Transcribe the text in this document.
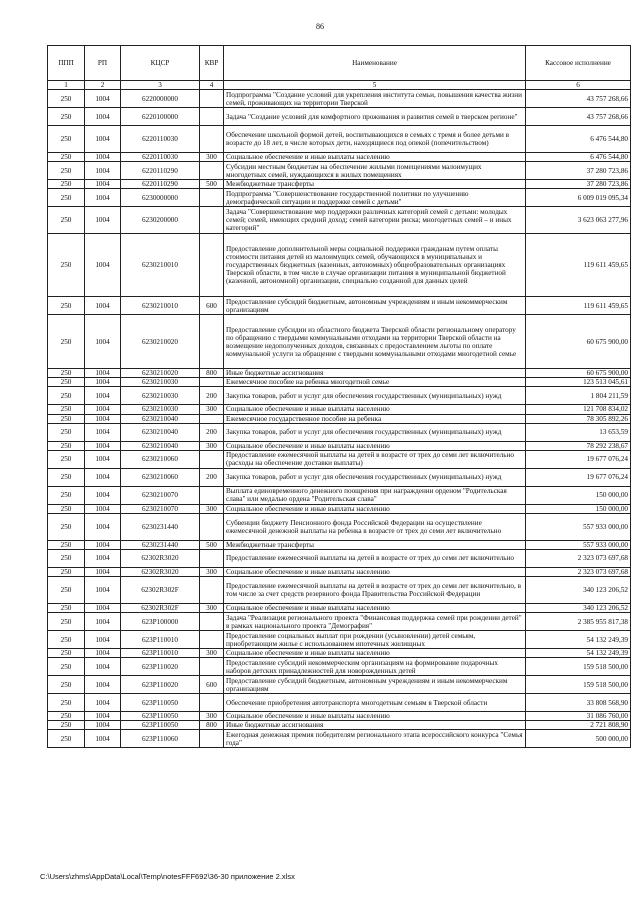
86
ППП	РП	КЦСР	КВР	Наименование	Кассовое исполнение
1	2	3	4	5	6
250	1004	6220000000		Подпрограмма "Создание условий для укрепления института семьи, повышения качества жизни семей, проживающих на территории Тверской	43 757 268,66
250	1004	6220100000		Задача "Создание условий для комфортного проживания и развития семей в тверском регионе"	43 757 268,66
250	1004	6220110030		Обеспечение школьной формой детей, воспитывающихся в семьях с тремя и более детьми в возрасте до 18 лет, в числе которых дети, находящиеся под опекой (попечительством)	6 476 544,80
250	1004	6220110030	300	Социальное обеспечение и иные выплаты населению	6 476 544,80
250	1004	6220110290		Субсидии местным бюджетам на обеспечение жилыми помещениями малоимущих многодетных семей, нуждающихся в жилых помещениях	37 280 723,86
250	1004	6220110290	500	Межбюджетные трансферты	37 280 723,86
250	1004	6230000000		Подпрограмма "Совершенствование государственной политики по улучшению демографической ситуации и поддержке семей с детьми"	6 009 019 095,34
250	1004	6230200000		Задача "Совершенствование мер поддержки различных категорий семей с детьми: молодых семей; семей, имеющих средний доход; семей категории риска; многодетных семей – и иных категорий"	3 623 063 277,96
250	1004	6230210010		Предоставление дополнительной меры социальной поддержки гражданам путем оплаты стоимости питания детей из малоимущих семей, обучающихся в муниципальных и государственных бюджетных (казенных, автономных) общеобразовательных организациях Тверской области, в том числе в случае организации питания в муниципальной бюджетной (казенной, автономной) организации, специально созданной для данных целей	119 611 459,65
250	1004	6230210010	600	Предоставление субсидий бюджетным, автономным учреждениям и иным некоммерческим организациям	119 611 459,65
250	1004	6230210020		Предоставление субсидии из областного бюджета Тверской области региональному оператору по обращению с твердыми коммунальными отходами на территории Тверской области на возмещение недополученных доходов, связанных с предоставлением льготы по оплате коммунальной услуги за обращение с твердыми коммунальными отходами многодетной семье	60 675 900,00
250	1004	6230210020	800	Иные бюджетные ассигнования	60 675 900,00
250	1004	6230210030		Ежемесячное пособие на ребенка многодетной семье	123 513 045,61
250	1004	6230210030	200	Закупка товаров, работ и услуг для обеспечения государственных (муниципальных) нужд	1 804 211,59
250	1004	6230210030	300	Социальное обеспечение и иные выплаты населению	121 708 834,02
250	1004	6230210040		Ежемесячное государственное пособие на ребенка	78 305 892,26
250	1004	6230210040	200	Закупка товаров, работ и услуг для обеспечения государственных (муниципальных) нужд	13 653,59
250	1004	6230210040	300	Социальное обеспечение и иные выплаты населению	78 292 238,67
250	1004	6230210060		Предоставление ежемесячной выплаты на детей в возрасте от трех до семи лет включительно (расходы на обеспечение доставки выплаты)	19 677 076,24
250	1004	6230210060	200	Закупка товаров, работ и услуг для обеспечения государственных (муниципальных) нужд	19 677 076,24
250	1004	6230210070		Выплата единовременного денежного поощрения при награждении орденом "Родительская слава" или медалью ордена "Родительская слава"	150 000,00
250	1004	6230210070	300	Социальное обеспечение и иные выплаты населению	150 000,00
250	1004	6230231440		Субвенции бюджету Пенсионного фонда Российской Федерации на осуществление ежемесячной денежной выплаты на ребенка в возрасте от трех до семи лет включительно	557 933 000,00
250	1004	6230231440	500	Межбюджетные трансферты	557 933 000,00
250	1004	62302R3020		Предоставление ежемесячной выплаты на детей в возрасте от трех до семи лет включительно	2 323 073 697,68
250	1004	62302R3020	300	Социальное обеспечение и иные выплаты населению	2 323 073 697,68
250	1004	62302R302F		Предоставление ежемесячной выплаты на детей в возрасте от трех до семи лет включительно, в том числе за счет средств резервного фонда Правительства Российской Федерации	340 123 206,52
250	1004	62302R302F	300	Социальное обеспечение и иные выплаты населению	340 123 206,52
250	1004	623P100000		Задача "Реализация регионального проекта "Финансовая поддержка семей при рождении детей" в рамках национального проекта "Демография"	2 385 955 817,38
250	1004	623P110010		Предоставление социальных выплат при рождении (усыновлении) детей семьям, приобретающим жилье с использованием ипотечных жилищных	54 132 249,39
250	1004	623P110010	300	Социальное обеспечение и иные выплаты населению	54 132 249,39
250	1004	623P110020		Предоставление субсидий некоммерческим организациям на формирование подарочных наборов детских принадлежностей для новорожденных детей	159 518 500,00
250	1004	623P110020	600	Предоставление субсидий бюджетным, автономным учреждениям и иным некоммерческим организациям	159 518 500,00
250	1004	623P110050		Обеспечение приобретения автотранспорта многодетным семьям в Тверской области	33 808 568,90
250	1004	623P110050	300	Социальное обеспечение и иные выплаты населению	31 086 760,00
250	1004	623P110050	800	Иные бюджетные ассигнования	2 721 808,90
250	1004	623P110060		Ежегодная денежная премия победителям регионального этапа всероссийского конкурса "Семья года"	500 000,00
C:\Users\zhms\AppData\Local\Temp\notesFFF692\36-30 приложение 2.xlsx
